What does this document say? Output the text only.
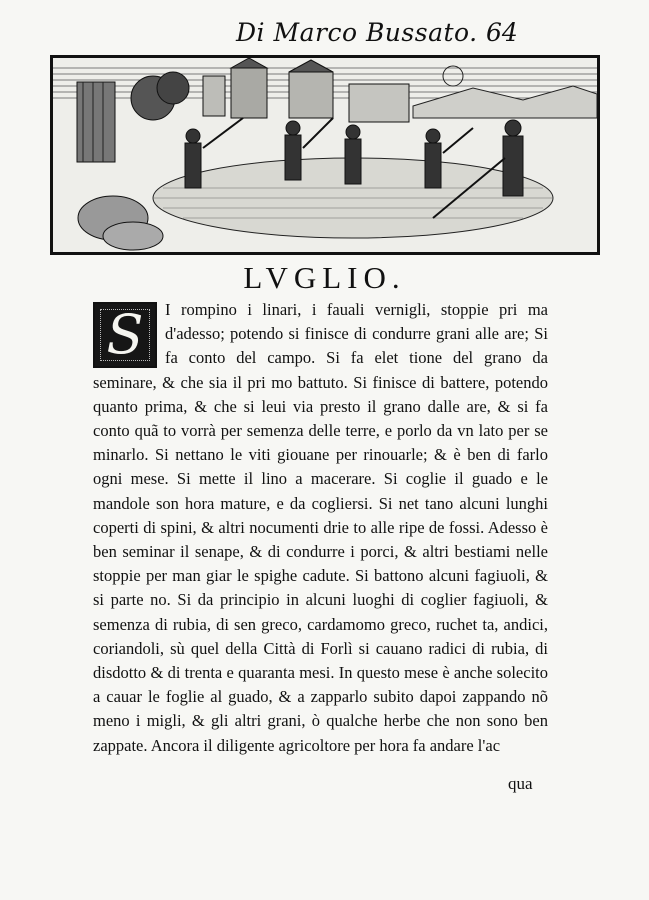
Di Marco Bussato. 64
LVGLIO.
S	I rompino i linari, i fauali vernigli, stoppie pri ma d'adesso; potendo si finisce di condurre grani alle are; Si fa conto del campo. Si fa elet tione del grano da seminare, & che sia il pri mo battuto. Si finisce di battere, potendo quanto prima, & che si leui via presto il grano dalle are, & si fa conto quã to vorrà per semenza delle terre, e porlo da vn lato per se minarlo. Si nettano le viti giouane per rinouarle; & è ben di farlo ogni mese. Si mette il lino a macerare. Si coglie il guado e le mandole son hora mature, e da cogliersi. Si net tano alcuni lunghi coperti di spini, & altri nocumenti drie to alle ripe de fossi. Adesso è ben seminar il senape, & di condurre i porci, & altri bestiami nelle stoppie per man giar le spighe cadute. Si battono alcuni fagiuoli, & si parte no. Si da principio in alcuni luoghi di coglier fagiuoli, & semenza di rubia, di sen greco, cardamomo greco, ruchet ta, andici, coriandoli, sù quel della Città di Forlì si cauano radici di rubia, di disdotto & di trenta e quaranta mesi. In questo mese è anche solecito a cauar le foglie al guado, & a zapparlo subito dapoi zappando nõ meno i migli, & gli altri grani, ò qualche herbe che non sono ben zappate. Ancora il diligente agricoltore per hora fa andare l'ac
qua
